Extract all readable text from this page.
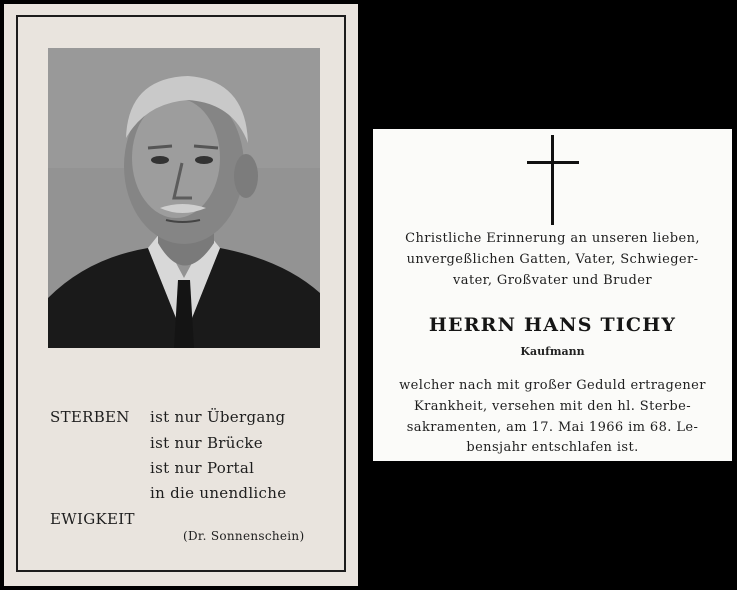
STERBEN ist nur Übergang
ist nur Brücke
ist nur Portal
in die unendliche
EWIGKEIT
(Dr. Sonnenschein)
Christliche Erinnerung an unseren lieben,
unvergeßlichen Gatten, Vater, Schwieger-
vater, Großvater und Bruder
HERRN HANS TICHY
Kaufmann
welcher nach mit großer Geduld ertragener
Krankheit, versehen mit den hl. Sterbe-
sakramenten, am 17. Mai 1966 im 68. Le-
bensjahr entschlafen ist.
